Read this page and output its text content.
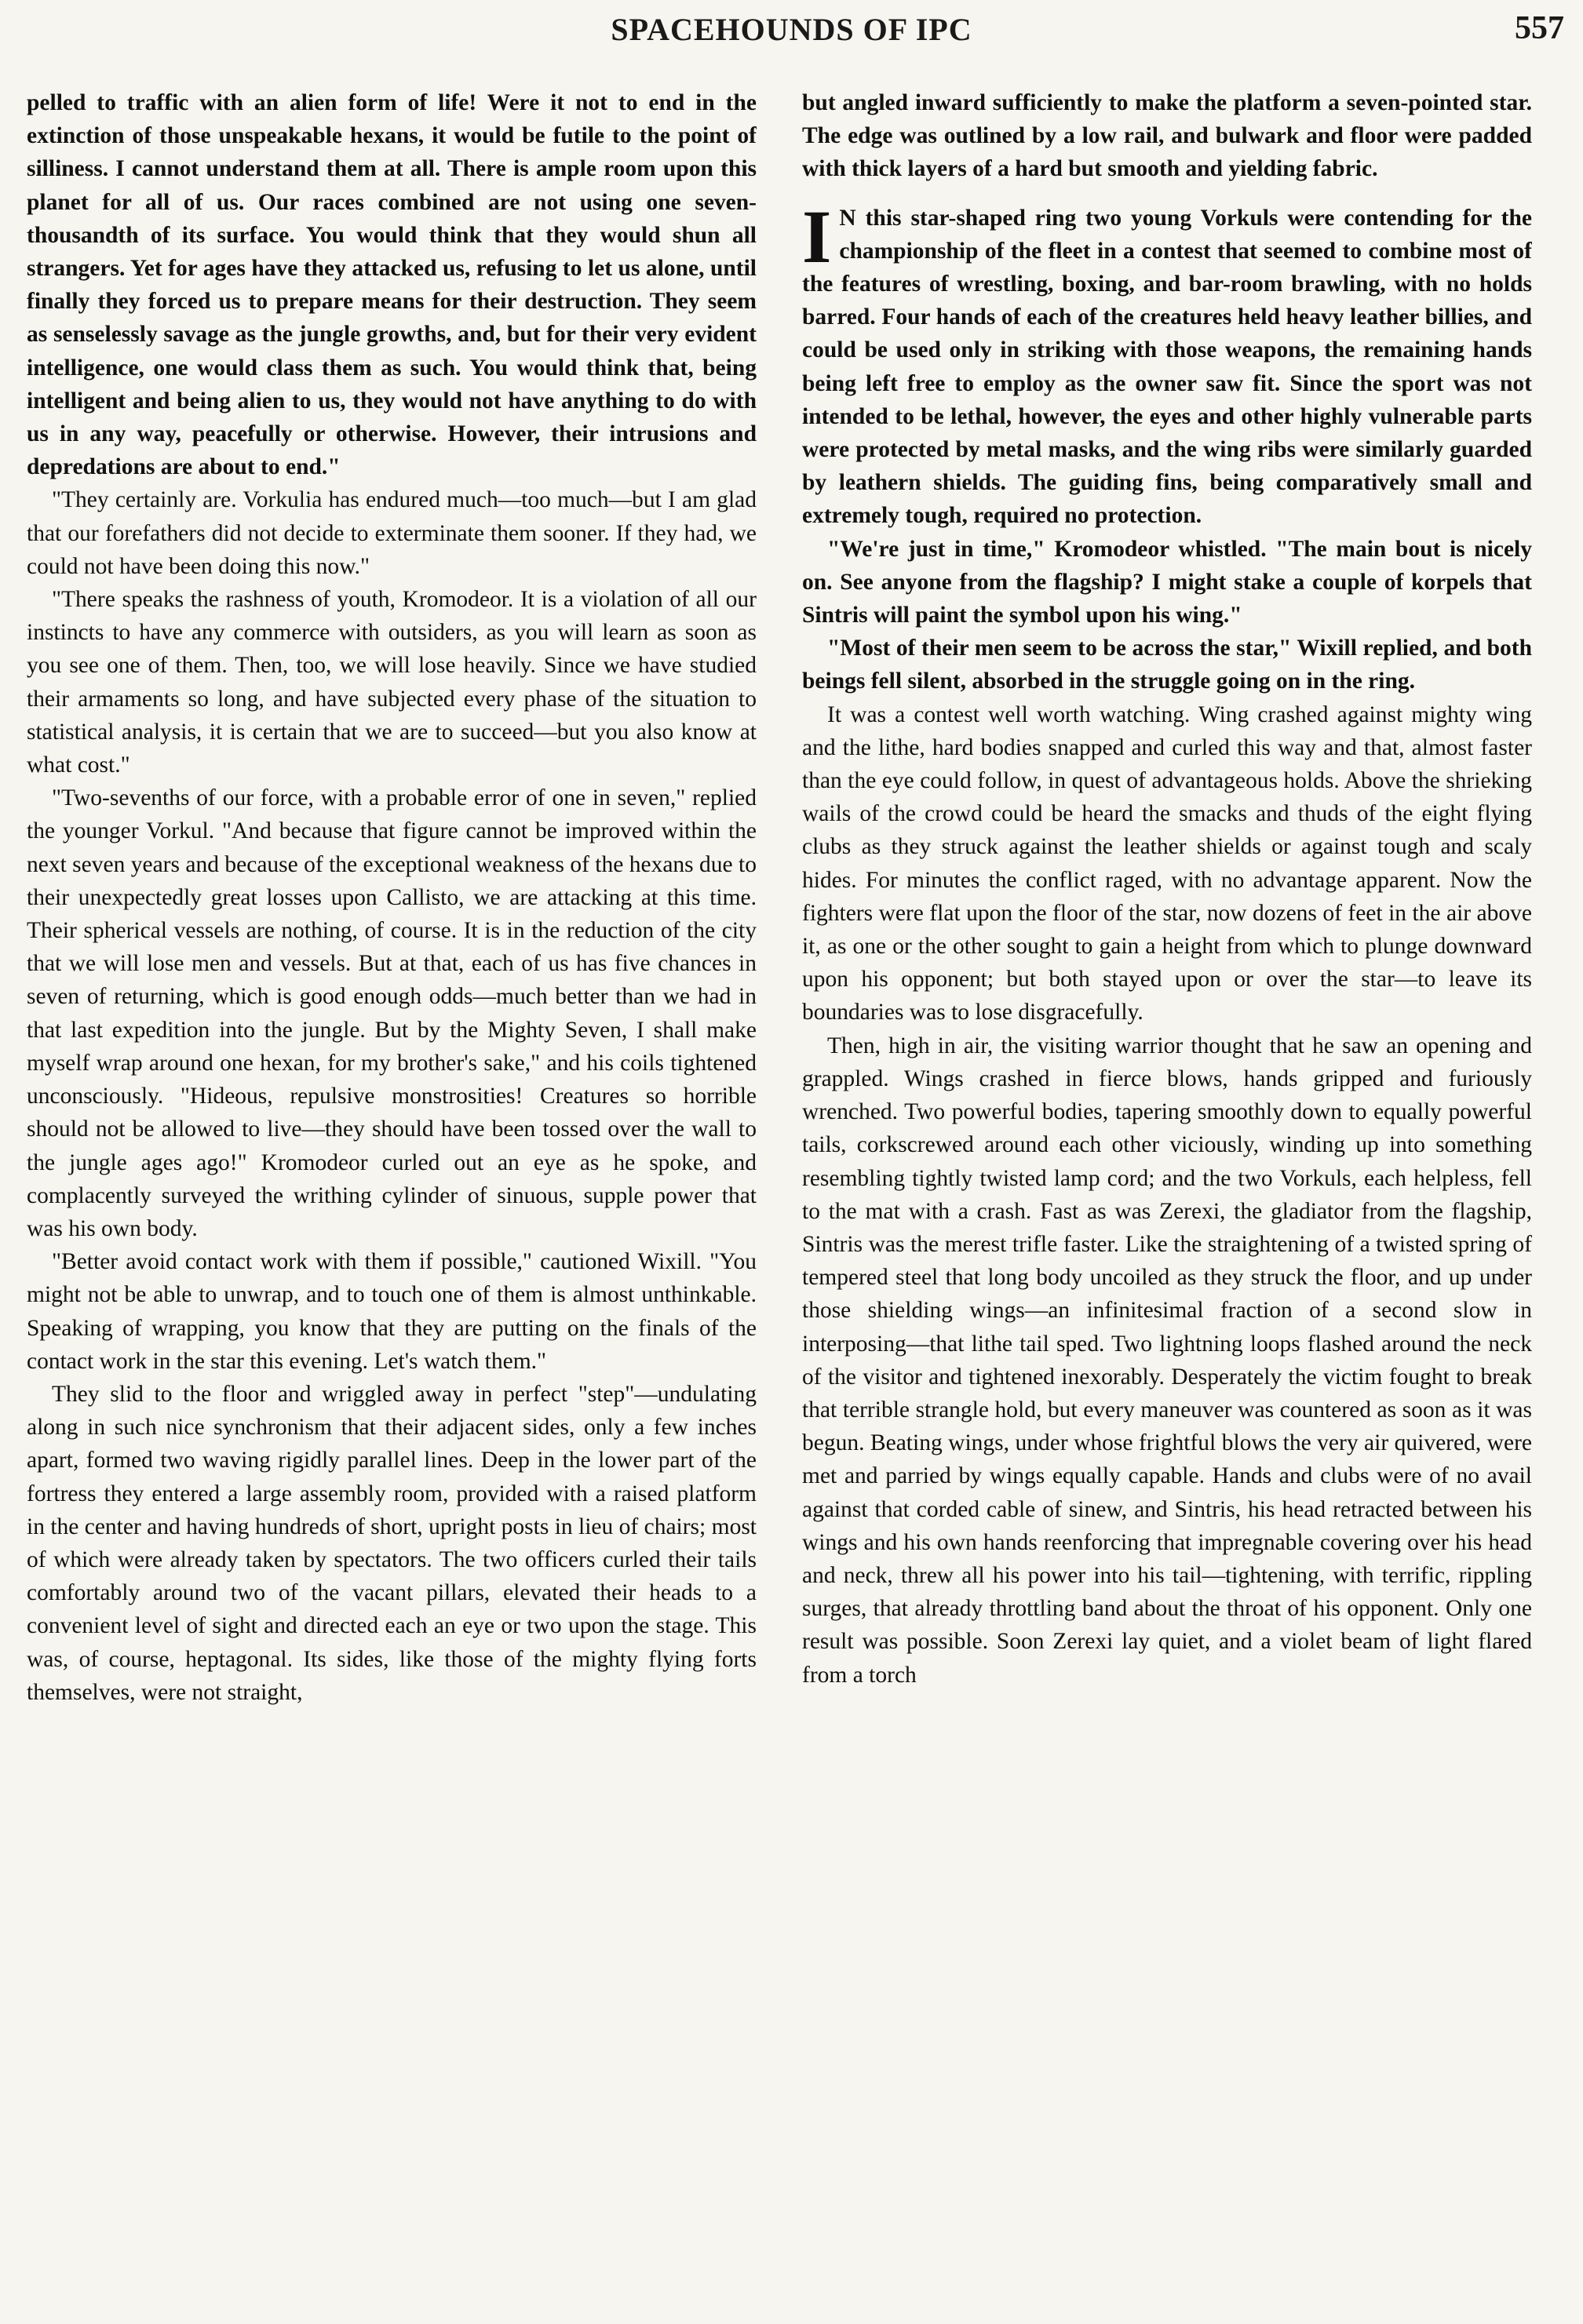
SPACEHOUNDS OF IPC	557

pelled to traffic with an alien form of life! Were it not to end in the extinction of those unspeakable hexans, it would be futile to the point of silliness. I cannot understand them at all. There is ample room upon this planet for all of us. Our races combined are not using one seven-thousandth of its surface. You would think that they would shun all strangers. Yet for ages have they attacked us, refusing to let us alone, until finally they forced us to prepare means for their destruction. They seem as senselessly savage as the jungle growths, and, but for their very evident intelligence, one would class them as such. You would think that, being intelligent and being alien to us, they would not have anything to do with us in any way, peacefully or otherwise. However, their intrusions and depredations are about to end."

"They certainly are. Vorkulia has endured much—too much—but I am glad that our forefathers did not decide to exterminate them sooner. If they had, we could not have been doing this now."

"There speaks the rashness of youth, Kromodeor. It is a violation of all our instincts to have any commerce with outsiders, as you will learn as soon as you see one of them. Then, too, we will lose heavily. Since we have studied their armaments so long, and have subjected every phase of the situation to statistical analysis, it is certain that we are to succeed—but you also know at what cost."

"Two-sevenths of our force, with a probable error of one in seven," replied the younger Vorkul. "And because that figure cannot be improved within the next seven years and because of the exceptional weakness of the hexans due to their unexpectedly great losses upon Callisto, we are attacking at this time. Their spherical vessels are nothing, of course. It is in the reduction of the city that we will lose men and vessels. But at that, each of us has five chances in seven of returning, which is good enough odds—much better than we had in that last expedition into the jungle. But by the Mighty Seven, I shall make myself wrap around one hexan, for my brother's sake," and his coils tightened unconsciously. "Hideous, repulsive monstrosities! Creatures so horrible should not be allowed to live—they should have been tossed over the wall to the jungle ages ago!" Kromodeor curled out an eye as he spoke, and complacently surveyed the writhing cylinder of sinuous, supple power that was his own body.

"Better avoid contact work with them if possible," cautioned Wixill. "You might not be able to unwrap, and to touch one of them is almost unthinkable. Speaking of wrapping, you know that they are putting on the finals of the contact work in the star this evening. Let's watch them."

They slid to the floor and wriggled away in perfect "step"—undulating along in such nice synchronism that their adjacent sides, only a few inches apart, formed two waving rigidly parallel lines. Deep in the lower part of the fortress they entered a large assembly room, provided with a raised platform in the center and having hundreds of short, upright posts in lieu of chairs; most of which were already taken by spectators. The two officers curled their tails comfortably around two of the vacant pillars, elevated their heads to a convenient level of sight and directed each an eye or two upon the stage. This was, of course, heptagonal. Its sides, like those of the mighty flying forts themselves, were not straight,

but angled inward sufficiently to make the platform a seven-pointed star. The edge was outlined by a low rail, and bulwark and floor were padded with thick layers of a hard but smooth and yielding fabric.

I N this star-shaped ring two young Vorkuls were contending for the championship of the fleet in a contest that seemed to combine most of the features of wrestling, boxing, and bar-room brawling, with no holds barred. Four hands of each of the creatures held heavy leather billies, and could be used only in striking with those weapons, the remaining hands being left free to employ as the owner saw fit. Since the sport was not intended to be lethal, however, the eyes and other highly vulnerable parts were protected by metal masks, and the wing ribs were similarly guarded by leathern shields. The guiding fins, being comparatively small and extremely tough, required no protection.

"We're just in time," Kromodeor whistled. "The main bout is nicely on. See anyone from the flagship? I might stake a couple of korpels that Sintris will paint the symbol upon his wing."

"Most of their men seem to be across the star," Wixill replied, and both beings fell silent, absorbed in the struggle going on in the ring.

It was a contest well worth watching. Wing crashed against mighty wing and the lithe, hard bodies snapped and curled this way and that, almost faster than the eye could follow, in quest of advantageous holds. Above the shrieking wails of the crowd could be heard the smacks and thuds of the eight flying clubs as they struck against the leather shields or against tough and scaly hides. For minutes the conflict raged, with no advantage apparent. Now the fighters were flat upon the floor of the star, now dozens of feet in the air above it, as one or the other sought to gain a height from which to plunge downward upon his opponent; but both stayed upon or over the star—to leave its boundaries was to lose disgracefully.

Then, high in air, the visiting warrior thought that he saw an opening and grappled. Wings crashed in fierce blows, hands gripped and furiously wrenched. Two powerful bodies, tapering smoothly down to equally powerful tails, corkscrewed around each other viciously, winding up into something resembling tightly twisted lamp cord; and the two Vorkuls, each helpless, fell to the mat with a crash. Fast as was Zerexi, the gladiator from the flagship, Sintris was the merest trifle faster. Like the straightening of a twisted spring of tempered steel that long body uncoiled as they struck the floor, and up under those shielding wings—an infinitesimal fraction of a second slow in interposing—that lithe tail sped. Two lightning loops flashed around the neck of the visitor and tightened inexorably. Desperately the victim fought to break that terrible strangle hold, but every maneuver was countered as soon as it was begun. Beating wings, under whose frightful blows the very air quivered, were met and parried by wings equally capable. Hands and clubs were of no avail against that corded cable of sinew, and Sintris, his head retracted between his wings and his own hands reenforcing that impregnable covering over his head and neck, threw all his power into his tail—tightening, with terrific, rippling surges, that already throttling band about the throat of his opponent. Only one result was possible. Soon Zerexi lay quiet, and a violet beam of light flared from a torch
